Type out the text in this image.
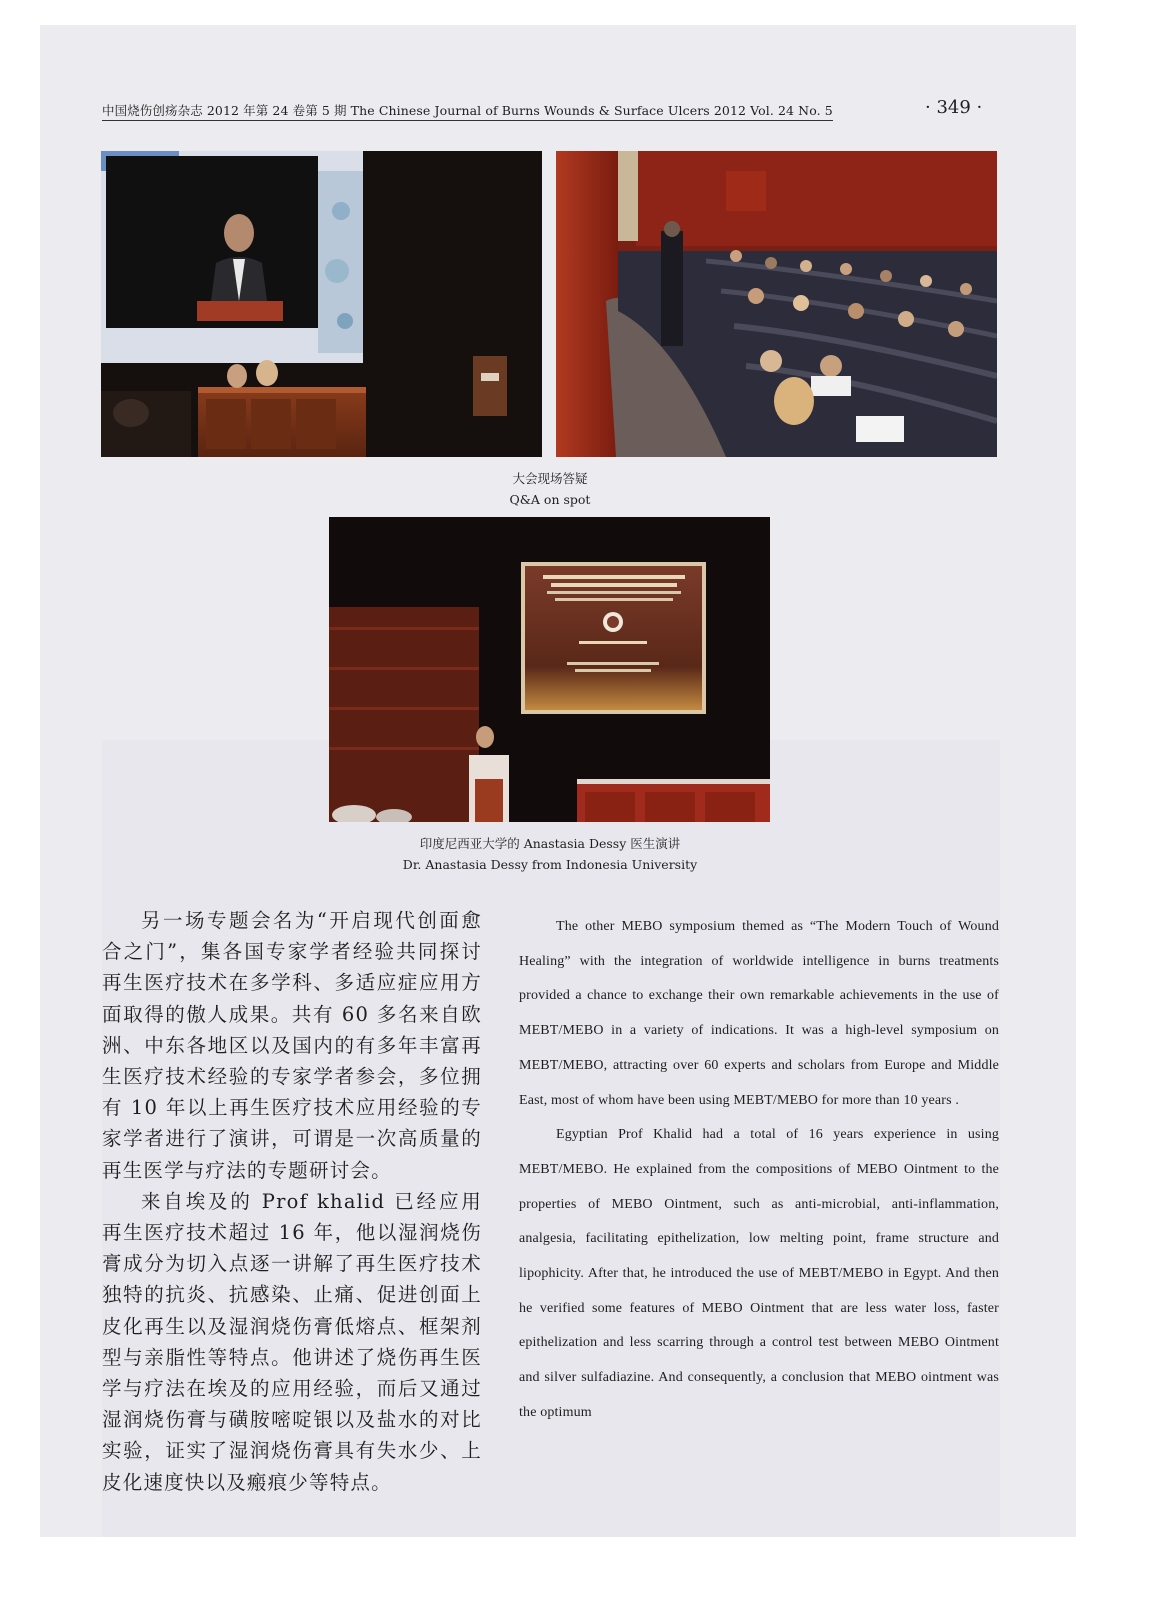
中国烧伤创疡杂志 2012 年第 24 卷第 5 期 The Chinese Journal of Burns Wounds & Surface Ulcers 2012 Vol. 24 No. 5	· 349 ·
大会现场答疑
Q&A on spot
印度尼西亚大学的 Anastasia Dessy 医生演讲
Dr. Anastasia Dessy from Indonesia University

另一场专题会名为“开启现代创面愈合之门”，集各国专家学者经验共同探讨再生医疗技术在多学科、多适应症应用方面取得的傲人成果。共有 60 多名来自欧洲、中东各地区以及国内的有多年丰富再生医疗技术经验的专家学者参会，多位拥有 10 年以上再生医疗技术应用经验的专家学者进行了演讲，可谓是一次高质量的再生医学与疗法的专题研讨会。

来自埃及的 Prof khalid 已经应用再生医疗技术超过 16 年，他以湿润烧伤膏成分为切入点逐一讲解了再生医疗技术独特的抗炎、抗感染、止痛、促进创面上皮化再生以及湿润烧伤膏低熔点、框架剂型与亲脂性等特点。他讲述了烧伤再生医学与疗法在埃及的应用经验，而后又通过湿润烧伤膏与磺胺嘧啶银以及盐水的对比实验，证实了湿润烧伤膏具有失水少、上皮化速度快以及瘢痕少等特点。

The other MEBO symposium themed as “The Modern Touch of Wound Healing” with the integration of worldwide intelligence in burns treatments provided a chance to exchange their own remarkable achievements in the use of MEBT/MEBO in a variety of indications. It was a high-level symposium on MEBT/MEBO, attracting over 60 experts and scholars from Europe and Middle East, most of whom have been using MEBT/MEBO for more than 10 years .

Egyptian Prof Khalid had a total of 16 years experience in using MEBT/MEBO. He explained from the compositions of MEBO Ointment to the properties of MEBO Ointment, such as anti-microbial, anti-inflammation, analgesia, facilitating epithelization, low melting point, frame structure and lipophicity. After that, he introduced the use of MEBT/MEBO in Egypt. And then he verified some features of MEBO Ointment that are less water loss, faster epithelization and less scarring through a control test between MEBO Ointment and silver sulfadiazine. And consequently, a conclusion that MEBO ointment was the optimum
